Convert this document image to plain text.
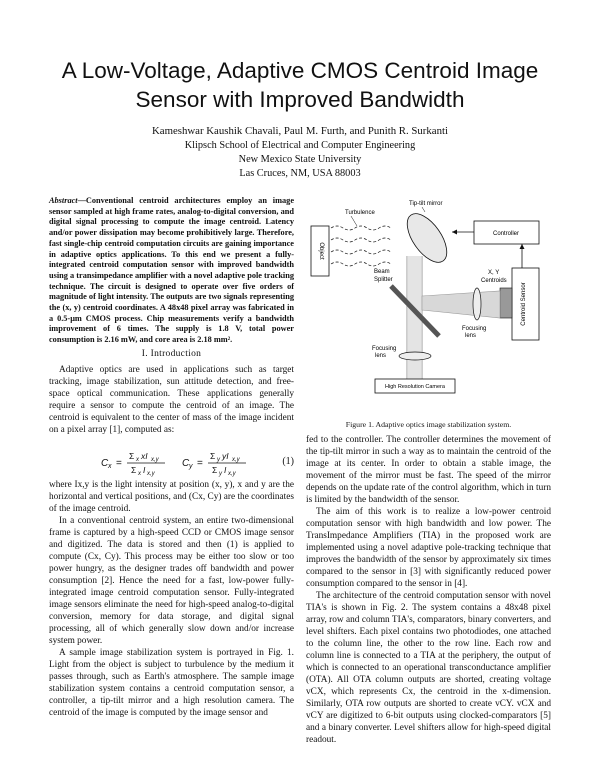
A Low-Voltage, Adaptive CMOS Centroid Image
Sensor with Improved Bandwidth
Kameshwar Kaushik Chavali, Paul M. Furth, and Punith R. Surkanti
Klipsch School of Electrical and Computer Engineering
New Mexico State University
Las Cruces, NM, USA 88003
Abstract—Conventional centroid architectures employ an image sensor sampled at high frame rates, analog-to-digital conversion, and digital signal processing to compute the image centroid. Latency and/or power dissipation may become prohibitively large. Therefore, fast single-chip centroid computation circuits are gaining importance in adaptive optics applications. To this end we present a fully-integrated centroid computation sensor with improved bandwidth using a transimpedance amplifier with a novel adaptive pole tracking technique. The circuit is designed to operate over five orders of magnitude of light intensity. The outputs are two signals representing the (x, y) centroid coordinates. A 48x48 pixel array was fabricated in a 0.5-μm CMOS process. Chip measurements verify a bandwidth improvement of 6 times. The supply is 1.8 V, total power consumption is 2.16 mW, and core area is 2.18 mm².
I. Introduction

Adaptive optics are used in applications such as target tracking, image stabilization, sun attitude detection, and free-space optical communication. These applications generally require a sensor to compute the centroid of an image. The centroid is equivalent to the center of mass of the image incident on a pixel array [1], computed as:

C x =
Σ x xI x,y
Σ x I x,y
C y =
Σ y yI x,y
Σ y I x,y
(1)

where Ix,y is the light intensity at position (x, y), x and y are the horizontal and vertical positions, and (Cx, Cy) are the coordinates of the image centroid.

In a conventional centroid system, an entire two-dimensional frame is captured by a high-speed CCD or CMOS image sensor and digitized. The data is stored and then (1) is applied to compute (Cx, Cy). This process may be either too slow or too power hungry, as the designer trades off bandwidth and power consumption [2]. Hence the need for a fast, low-power fully-integrated image centroid computation sensor. Fully-integrated image sensors eliminate the need for high-speed analog-to-digital conversion, memory for data storage, and digital signal processing, all of which generally slow down and/or increase system power.

A sample image stabilization system is portrayed in Fig. 1. Light from the object is subject to turbulence by the medium it passes through, such as Earth's atmosphere. The sample image stabilization system contains a centroid computation sensor, a controller, a tip-tilt mirror and a high resolution camera. The centroid of the image is computed by the image sensor and

Object
Turbulence
Tip-tilt mirror
Controller
X, Y
Centroids
Centroid Sensor
Beam
Splitter
Focusing
lens
Focusing
lens
High Resolution Camera
Figure 1. Adaptive optics image stabilization system.

fed to the controller. The controller determines the movement of the tip-tilt mirror in such a way as to maintain the centroid of the image at its center. In order to obtain a stable image, the movement of the mirror must be fast. The speed of the mirror depends on the update rate of the control algorithm, which in turn is limited by the bandwidth of the sensor.

The aim of this work is to realize a low-power centroid computation sensor with high bandwidth and low power. The TransImpedance Amplifiers (TIA) in the proposed work are implemented using a novel adaptive pole-tracking technique that improves the bandwidth of the sensor by approximately six times compared to the sensor in [3] with significantly reduced power consumption compared to the sensor in [4].

The architecture of the centroid computation sensor with novel TIA's is shown in Fig. 2. The system contains a 48x48 pixel array, row and column TIA's, comparators, binary converters, and level shifters. Each pixel contains two photodiodes, one attached to the column line, the other to the row line. Each row and column line is connected to a TIA at the periphery, the output of which is connected to an operational transconductance amplifier (OTA). All OTA column outputs are shorted, creating voltage vCX, which represents Cx, the centroid in the x-dimension. Similarly, OTA row outputs are shorted to create vCY. vCX and vCY are digitized to 6-bit outputs using clocked-comparators [5] and a binary converter. Level shifters allow for high-speed digital readout.
